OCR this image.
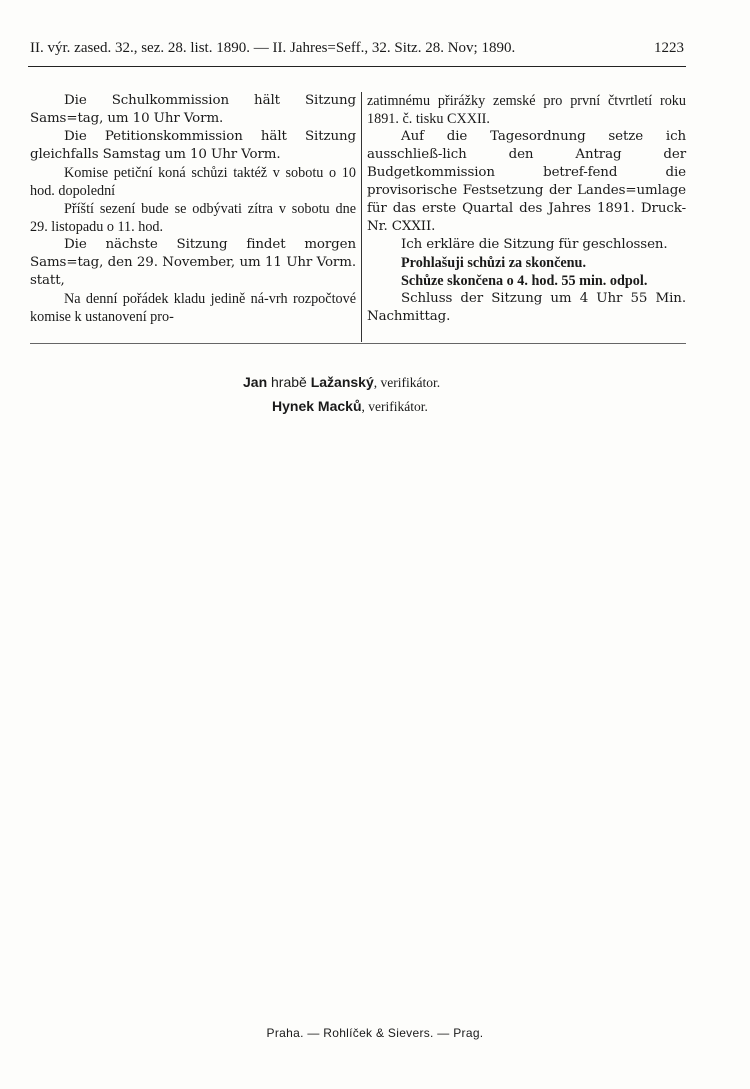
II. výr. zased. 32., sez. 28. list. 1890. — II. Jahres=Seff., 32. Sitz. 28. Nov; 1890.	1223

Die Schulkommission hält Sitzung Sams=tag, um 10 Uhr Vorm.

Die Petitionskommission hält Sitzung gleichfalls Samstag um 10 Uhr Vorm.

Komise petiční koná schůzi taktéž v sobotu o 10 hod. dopolední

Příští sezení bude se odbývati zítra v sobotu dne 29. listopadu o 11. hod.

Die nächste Sitzung findet morgen Sams=tag, den 29. November, um 11 Uhr Vorm. statt,

Na denní pořádek kladu jedině ná-vrh rozpočtové komise k ustanovení pro-

zatimnému přirážky zemské pro první čtvrtletí roku 1891. č. tisku CXXII.

Auf die Tagesordnung setze ich ausschließ-lich den Antrag der Budgetkommission betref-fend die provisorische Festsetzung der Landes=umlage für das erste Quartal des Jahres 1891. Druck-Nr. CXXII.

Ich erkläre die Sitzung für geschlossen.

Prohlašuji schůzi za skončenu.

Schůze skončena o 4. hod. 55 min. odpol.

Schluss der Sitzung um 4 Uhr 55 Min. Nachmittag.

Jan hrabě Lažanský, verifikátor.
Hynek Macků, verifikátor.
Praha. — Rohlíček & Sievers. — Prag.
